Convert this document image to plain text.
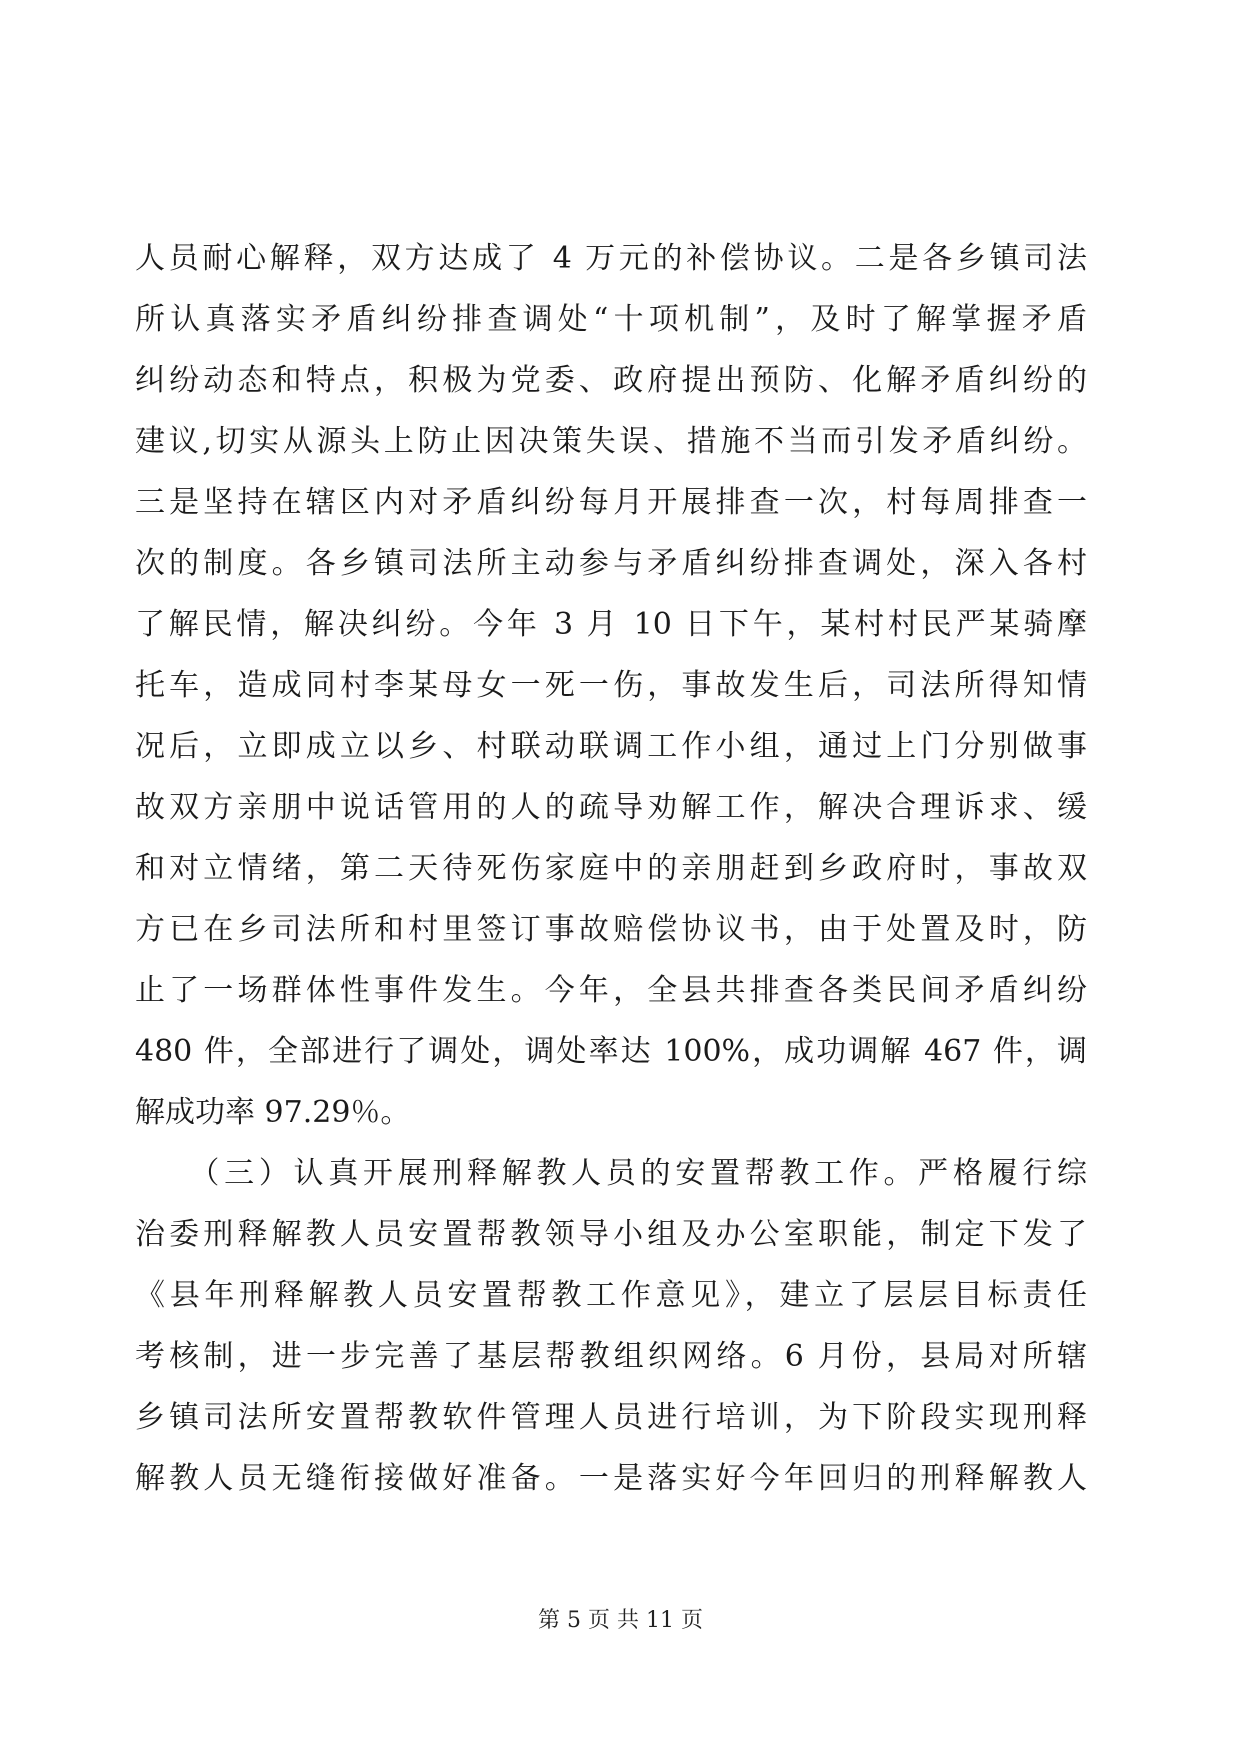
人员耐心解释，双方达成了 4 万元的补偿协议。二是各乡镇司法
所认真落实矛盾纠纷排查调处“十项机制”，及时了解掌握矛盾
纠纷动态和特点，积极为党委、政府提出预防、化解矛盾纠纷的
建议,切实从源头上防止因决策失误、措施不当而引发矛盾纠纷。
三是坚持在辖区内对矛盾纠纷每月开展排查一次，村每周排查一
次的制度。各乡镇司法所主动参与矛盾纠纷排查调处，深入各村
了解民情，解决纠纷。今年 3 月 10 日下午，某村村民严某骑摩
托车，造成同村李某母女一死一伤，事故发生后，司法所得知情
况后，立即成立以乡、村联动联调工作小组，通过上门分别做事
故双方亲朋中说话管用的人的疏导劝解工作，解决合理诉求、缓
和对立情绪，第二天待死伤家庭中的亲朋赶到乡政府时，事故双
方已在乡司法所和村里签订事故赔偿协议书，由于处置及时，防
止了一场群体性事件发生。今年，全县共排查各类民间矛盾纠纷
480 件，全部进行了调处，调处率达 100%，成功调解 467 件，调
解成功率 97.29％。
　　（三）认真开展刑释解教人员的安置帮教工作。严格履行综
治委刑释解教人员安置帮教领导小组及办公室职能，制定下发了
《县年刑释解教人员安置帮教工作意见》，建立了层层目标责任
考核制，进一步完善了基层帮教组织网络。6 月份，县局对所辖
乡镇司法所安置帮教软件管理人员进行培训，为下阶段实现刑释
解教人员无缝衔接做好准备。一是落实好今年回归的刑释解教人
第 5 页 共 11 页
